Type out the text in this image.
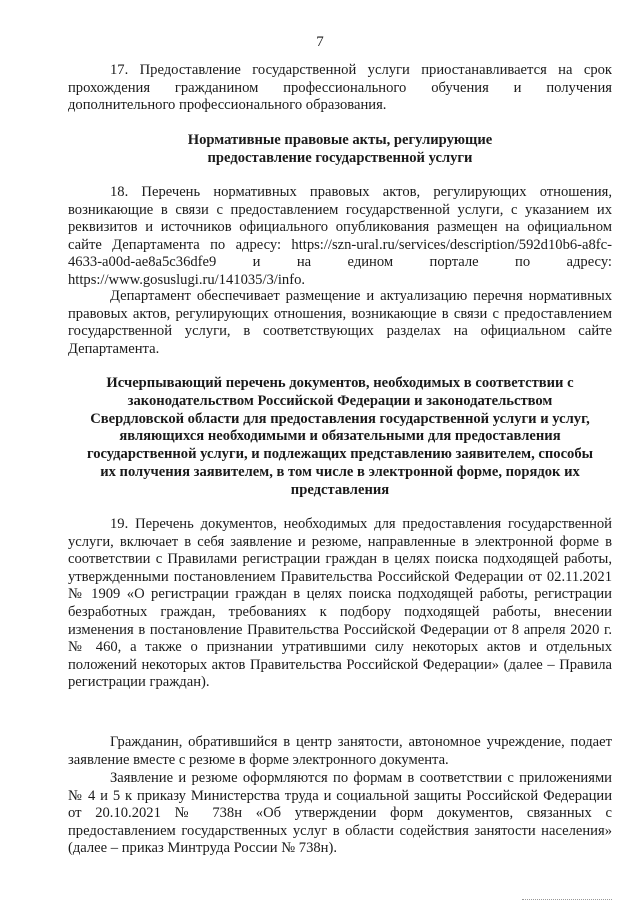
7
17. Предоставление государственной услуги приостанавливается на срок прохождения гражданином профессионального обучения и получения дополнительного профессионального образования.
Нормативные правовые акты, регулирующие предоставление государственной услуги
18. Перечень нормативных правовых актов, регулирующих отношения, возникающие в связи с предоставлением государственной услуги, с указанием их реквизитов и источников официального опубликования размещен на официальном сайте Департамента по адресу: https://szn-ural.ru/services/description/592d10b6-a8fc-4633-a00d-ae8a5c36dfe9 и на едином портале по адресу: https://www.gosuslugi.ru/141035/3/info.
Департамент обеспечивает размещение и актуализацию перечня нормативных правовых актов, регулирующих отношения, возникающие в связи с предоставлением государственной услуги, в соответствующих разделах на официальном сайте Департамента.
Исчерпывающий перечень документов, необходимых в соответствии с законодательством Российской Федерации и законодательством Свердловской области для предоставления государственной услуги и услуг, являющихся необходимыми и обязательными для предоставления государственной услуги, и подлежащих представлению заявителем, способы их получения заявителем, в том числе в электронной форме, порядок их представления
19. Перечень документов, необходимых для предоставления государственной услуги, включает в себя заявление и резюме, направленные в электронной форме в соответствии с Правилами регистрации граждан в целях поиска подходящей работы, утвержденными постановлением Правительства Российской Федерации от 02.11.2021 № 1909 «О регистрации граждан в целях поиска подходящей работы, регистрации безработных граждан, требованиях к подбору подходящей работы, внесении изменения в постановление Правительства Российской Федерации от 8 апреля 2020 г. № 460, а также о признании утратившими силу некоторых актов и отдельных положений некоторых актов Правительства Российской Федерации» (далее – Правила регистрации граждан).
Гражданин, обратившийся в центр занятости, автономное учреждение, подает заявление вместе с резюме в форме электронного документа.
Заявление и резюме оформляются по формам в соответствии с приложениями № 4 и 5 к приказу Министерства труда и социальной защиты Российской Федерации от 20.10.2021 № 738н «Об утверждении форм документов, связанных с предоставлением государственных услуг в области содействия занятости населения» (далее – приказ Минтруда России № 738н).
